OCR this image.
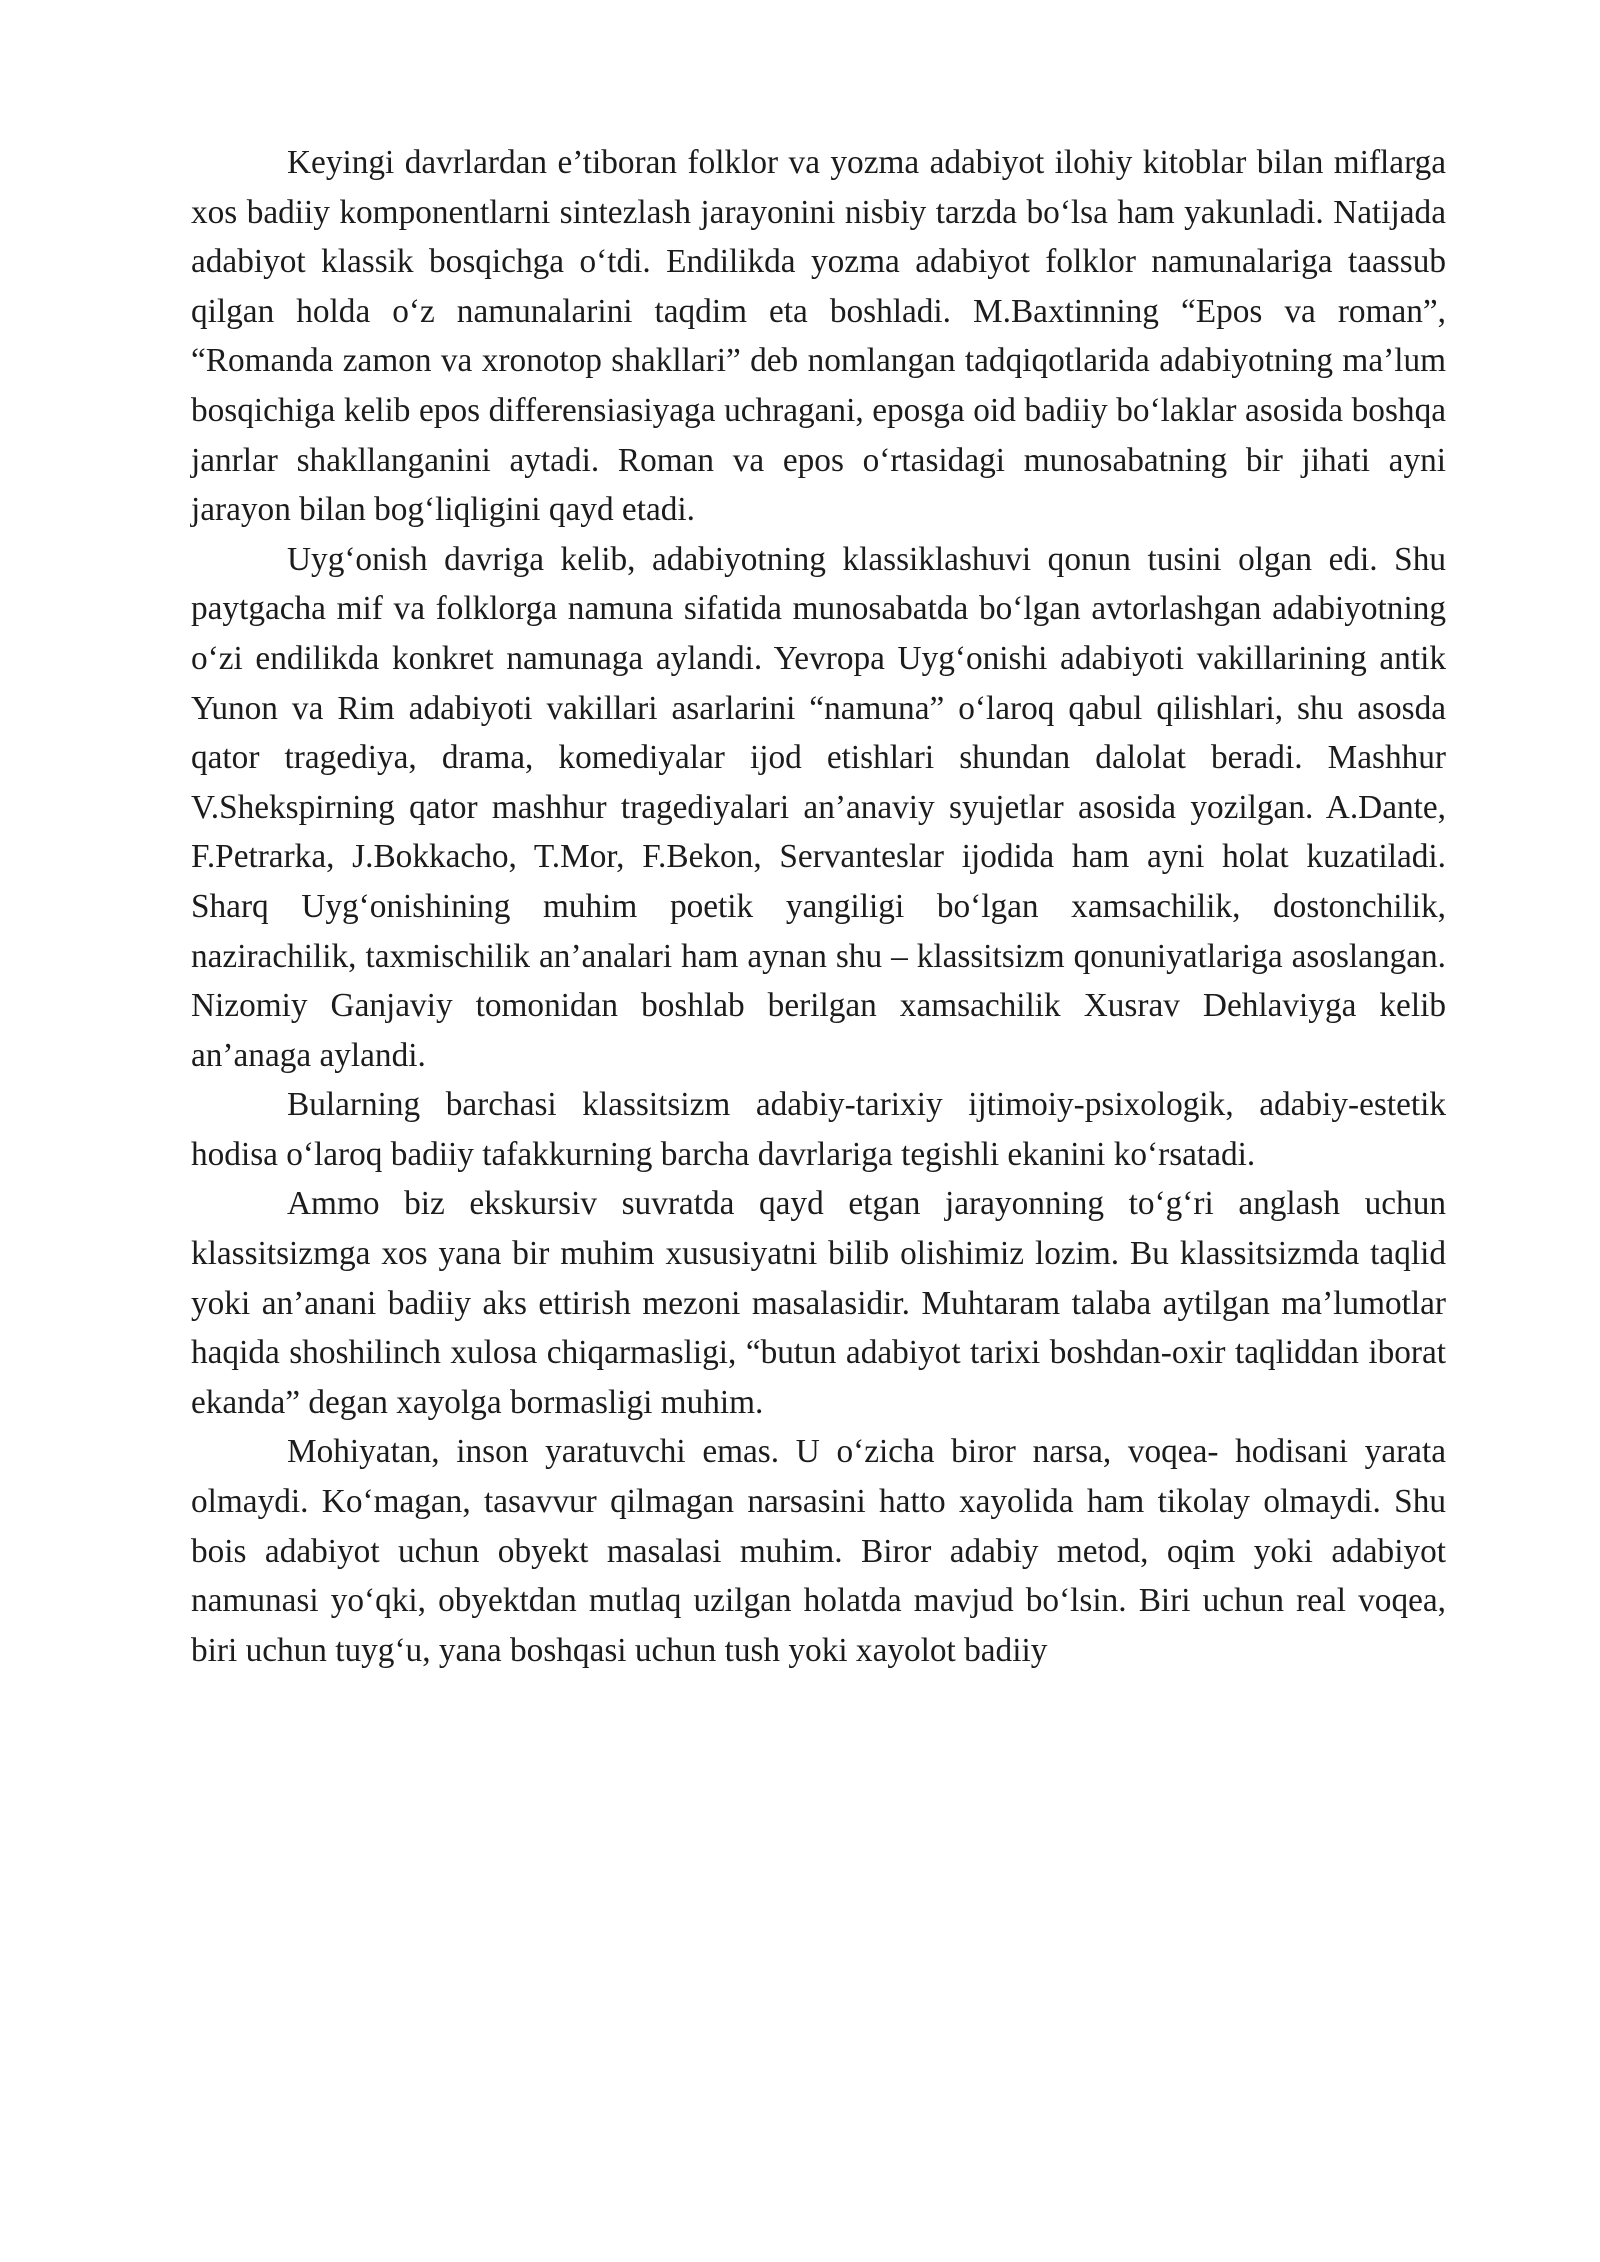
Keyingi davrlardan e’tiboran folklor va yozma adabiyot ilohiy kitoblar bilan miflarga xos badiiy komponentlarni sintezlash jarayonini nisbiy tarzda bo‘lsa ham yakunladi. Natijada adabiyot klassik bosqichga o‘tdi. Endilikda yozma adabiyot folklor namunalariga taassub qilgan holda o‘z namunalarini taqdim eta boshladi. M.Baxtinning “Epos va roman”, “Romanda zamon va xronotop shakllari” deb nomlangan tadqiqotlarida adabiyotning ma’lum bosqichiga kelib epos differensiasiyaga uchragani, eposga oid badiiy bo‘laklar asosida boshqa janrlar shakllanganini aytadi. Roman va epos o‘rtasidagi munosabatning bir jihati ayni jarayon bilan bog‘liqligini qayd etadi.

Uyg‘onish davriga kelib, adabiyotning klassiklashuvi qonun tusini olgan edi. Shu paytgacha mif va folklorga namuna sifatida munosabatda bo‘lgan avtorlashgan adabiyotning o‘zi endilikda konkret namunaga aylandi. Yevropa Uyg‘onishi adabiyoti vakillarining antik Yunon va Rim adabiyoti vakillari asarlarini “namuna” o‘laroq qabul qilishlari, shu asosda qator tragediya, drama, komediyalar ijod etishlari shundan dalolat beradi. Mashhur V.Shekspirning qator mashhur tragediyalari an’anaviy syujetlar asosida yozilgan. A.Dante, F.Petrarka, J.Bokkacho, T.Mor, F.Bekon, Servanteslar ijodida ham ayni holat kuzatiladi. Sharq Uyg‘onishining muhim poetik yangiligi bo‘lgan xamsachilik, dostonchilik, nazirachilik, taxmischilik an’analari ham aynan shu – klassitsizm qonuniyatlariga asoslangan. Nizomiy Ganjaviy tomonidan boshlab berilgan xamsachilik Xusrav Dehlaviyga kelib an’anaga aylandi.

Bularning barchasi klassitsizm adabiy-tarixiy ijtimoiy-psixologik, adabiy-estetik hodisa o‘laroq badiiy tafakkurning barcha davrlariga tegishli ekanini ko‘rsatadi.

Ammo biz ekskursiv suvratda qayd etgan jarayonning to‘g‘ri anglash uchun klassitsizmga xos yana bir muhim xususiyatni bilib olishimiz lozim. Bu klassitsizmda taqlid yoki an’anani badiiy aks ettirish mezoni masalasidir. Muhtaram talaba aytilgan ma’lumotlar haqida shoshilinch xulosa chiqarmasligi, “butun adabiyot tarixi boshdan-oxir taqliddan iborat ekanda” degan xayolga bormasligi muhim.

Mohiyatan, inson yaratuvchi emas. U o‘zicha biror narsa, voqea- hodisani yarata olmaydi. Ko‘magan, tasavvur qilmagan narsasini hatto xayolida ham tikolay olmaydi. Shu bois adabiyot uchun obyekt masalasi muhim. Biror adabiy metod, oqim yoki adabiyot namunasi yo‘qki, obyektdan mutlaq uzilgan holatda mavjud bo‘lsin. Biri uchun real voqea, biri uchun tuyg‘u, yana boshqasi uchun tush yoki xayolot badiiy
